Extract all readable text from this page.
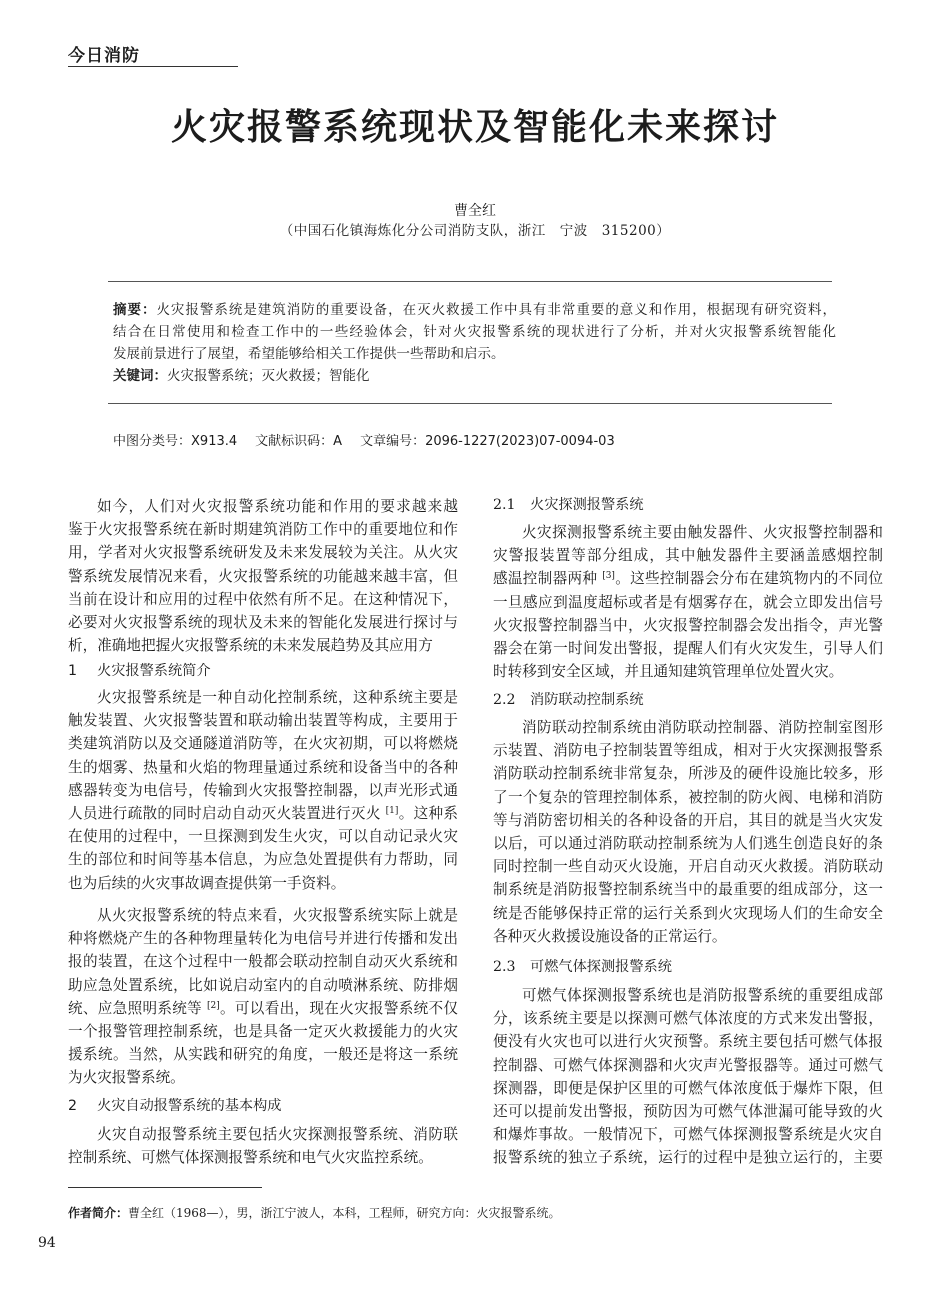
今日消防
火灾报警系统现状及智能化未来探讨
曹全红
（中国石化镇海炼化分公司消防支队，浙江　宁波　315200）
摘要：火灾报警系统是建筑消防的重要设备，在灭火救援工作中具有非常重要的意义和作用，根据现有研究资料，
结合在日常使用和检查工作中的一些经验体会，针对火灾报警系统的现状进行了分析，并对火灾报警系统智能化
发展前景进行了展望，希望能够给相关工作提供一些帮助和启示。
关键词：火灾报警系统；灭火救援；智能化
中图分类号：X913.4 文献标识码：A 文章编号：2096-1227(2023)07-0094-03
如今，人们对火灾报警系统功能和作用的要求越来越
鉴于火灾报警系统在新时期建筑消防工作中的重要地位和作
用，学者对火灾报警系统研发及未来发展较为关注。从火灾
警系统发展情况来看，火灾报警系统的功能越来越丰富，但
当前在设计和应用的过程中依然有所不足。在这种情况下，
必要对火灾报警系统的现状及未来的智能化发展进行探讨与
析，准确地把握火灾报警系统的未来发展趋势及其应用方
1 火灾报警系统简介
火灾报警系统是一种自动化控制系统，这种系统主要是
触发装置、火灾报警装置和联动输出装置等构成，主要用于
类建筑消防以及交通隧道消防等，在火灾初期，可以将燃烧
生的烟雾、热量和火焰的物理量通过系统和设备当中的各种
感器转变为电信号，传输到火灾报警控制器，以声光形式通
人员进行疏散的同时启动自动灭火装置进行灭火 [1]。这种系
在使用的过程中，一旦探测到发生火灾，可以自动记录火灾
生的部位和时间等基本信息，为应急处置提供有力帮助，同
也为后续的火灾事故调查提供第一手资料。
从火灾报警系统的特点来看，火灾报警系统实际上就是
种将燃烧产生的各种物理量转化为电信号并进行传播和发出
报的装置，在这个过程中一般都会联动控制自动灭火系统和
助应急处置系统，比如说启动室内的自动喷淋系统、防排烟
统、应急照明系统等 [2]。可以看出，现在火灾报警系统不仅
一个报警管理控制系统，也是具备一定灭火救援能力的火灾
援系统。当然，从实践和研究的角度，一般还是将这一系统
为火灾报警系统。
2 火灾自动报警系统的基本构成
火灾自动报警系统主要包括火灾探测报警系统、消防联
控制系统、可燃气体探测报警系统和电气火灾监控系统。
2.1 火灾探测报警系统
火灾探测报警系统主要由触发器件、火灾报警控制器和
灾警报装置等部分组成，其中触发器件主要涵盖感烟控制
感温控制器两种 [3]。这些控制器会分布在建筑物内的不同位
一旦感应到温度超标或者是有烟雾存在，就会立即发出信号
火灾报警控制器当中，火灾报警控制器会发出指令，声光警
器会在第一时间发出警报，提醒人们有火灾发生，引导人们
时转移到安全区域，并且通知建筑管理单位处置火灾。
2.2 消防联动控制系统
消防联动控制系统由消防联动控制器、消防控制室图形
示装置、消防电子控制装置等组成，相对于火灾探测报警系
消防联动控制系统非常复杂，所涉及的硬件设施比较多，形
了一个复杂的管理控制体系，被控制的防火阀、电梯和消防
等与消防密切相关的各种设备的开启，其目的就是当火灾发
以后，可以通过消防联动控制系统为人们逃生创造良好的条
同时控制一些自动灭火设施，开启自动灭火救援。消防联动
制系统是消防报警控制系统当中的最重要的组成部分，这一
统是否能够保持正常的运行关系到火灾现场人们的生命安全
各种灭火救援设施设备的正常运行。
2.3 可燃气体探测报警系统
可燃气体探测报警系统也是消防报警系统的重要组成部
分，该系统主要是以探测可燃气体浓度的方式来发出警报，
便没有火灾也可以进行火灾预警。系统主要包括可燃气体报
控制器、可燃气体探测器和火灾声光警报器等。通过可燃气
探测器，即便是保护区里的可燃气体浓度低于爆炸下限，但
还可以提前发出警报，预防因为可燃气体泄漏可能导致的火
和爆炸事故。一般情况下，可燃气体探测报警系统是火灾自
报警系统的独立子系统，运行的过程中是独立运行的，主要
作者简介：曹全红（1968—），男，浙江宁波人，本科，工程师，研究方向：火灾报警系统。
94
